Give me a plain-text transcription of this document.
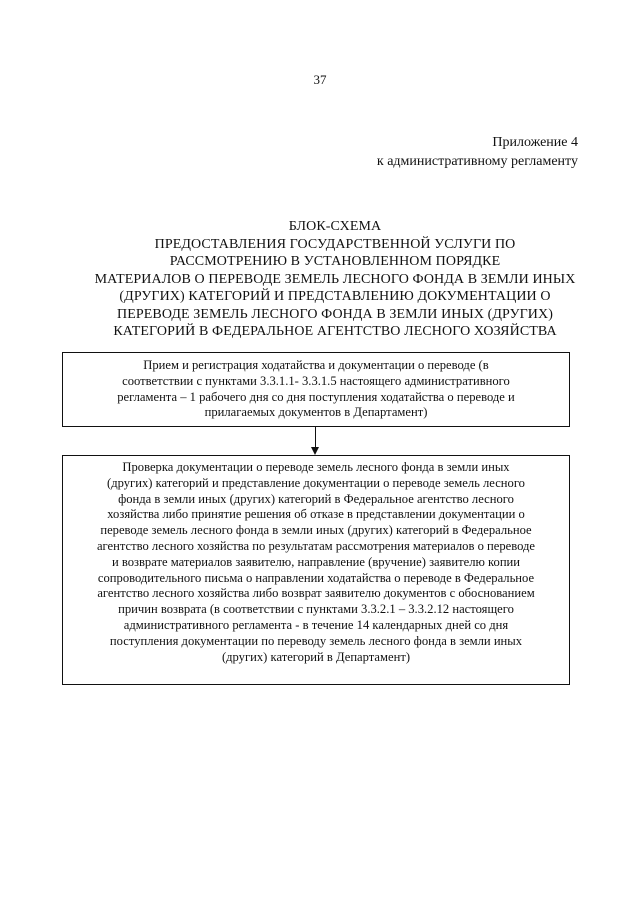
37
Приложение 4
к административному регламенту
БЛОК-СХЕМА
ПРЕДОСТАВЛЕНИЯ ГОСУДАРСТВЕННОЙ УСЛУГИ ПО
РАССМОТРЕНИЮ В УСТАНОВЛЕННОМ ПОРЯДКЕ
МАТЕРИАЛОВ О ПЕРЕВОДЕ ЗЕМЕЛЬ ЛЕСНОГО ФОНДА В ЗЕМЛИ ИНЫХ
(ДРУГИХ) КАТЕГОРИЙ И ПРЕДСТАВЛЕНИЮ ДОКУМЕНТАЦИИ О
ПЕРЕВОДЕ ЗЕМЕЛЬ ЛЕСНОГО ФОНДА В ЗЕМЛИ ИНЫХ (ДРУГИХ)
КАТЕГОРИЙ В ФЕДЕРАЛЬНОЕ АГЕНТСТВО ЛЕСНОГО ХОЗЯЙСТВА
Прием и регистрация ходатайства и документации о переводе (в
соответствии с пунктами 3.3.1.1- 3.3.1.5 настоящего административного
регламента – 1 рабочего дня со дня поступления ходатайства о переводе и
прилагаемых документов в Департамент)
Проверка документации о переводе земель лесного фонда в земли иных
(других) категорий и представление документации о переводе земель лесного
фонда в земли иных (других) категорий в Федеральное агентство лесного
хозяйства либо принятие решения об отказе в представлении документации о
переводе земель лесного фонда в земли иных (других) категорий в Федеральное
агентство лесного хозяйства по результатам рассмотрения материалов о переводе
и возврате материалов заявителю, направление (вручение) заявителю копии
сопроводительного письма о направлении ходатайства о переводе в Федеральное
агентство лесного хозяйства либо возврат заявителю документов с обоснованием
причин возврата (в соответствии с пунктами 3.3.2.1 – 3.3.2.12 настоящего
административного регламента - в течение 14 календарных дней со дня
поступления документации по переводу земель лесного фонда в земли иных
(других) категорий в Департамент)
